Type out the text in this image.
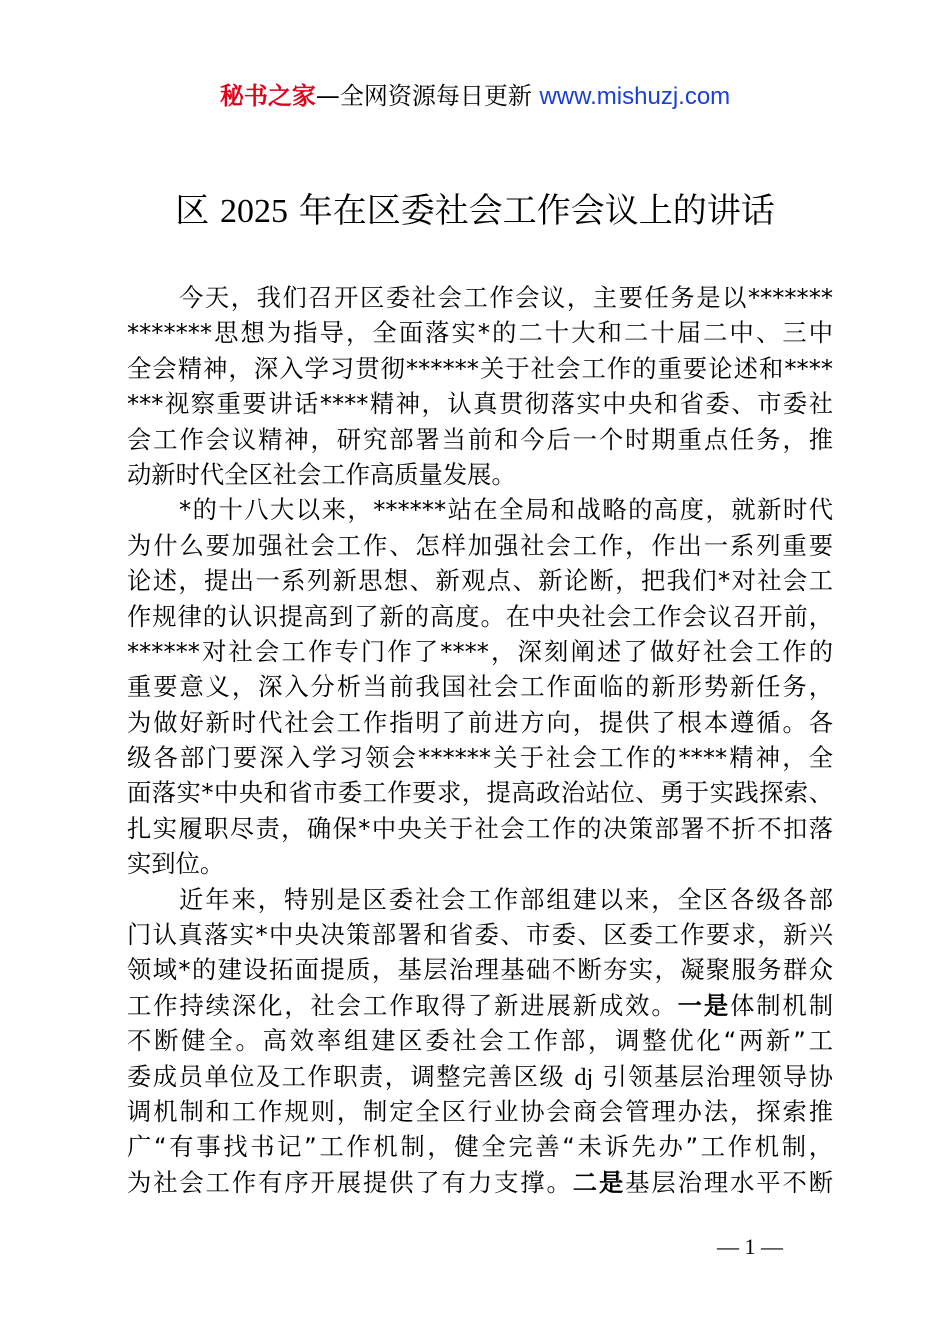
秘书之家—全网资源每日更新 www.mishuzj.com
区 2025 年在区委社会工作会议上的讲话
今天，我们召开区委社会工作会议，主要任务是以*******
*******思想为指导，全面落实*的二十大和二十届二中、三中
全会精神，深入学习贯彻******关于社会工作的重要论述和****
***视察重要讲话****精神，认真贯彻落实中央和省委、市委社
会工作会议精神，研究部署当前和今后一个时期重点任务，推
动新时代全区社会工作高质量发展。
*的十八大以来，******站在全局和战略的高度，就新时代
为什么要加强社会工作、怎样加强社会工作，作出一系列重要
论述，提出一系列新思想、新观点、新论断，把我们*对社会工
作规律的认识提高到了新的高度。在中央社会工作会议召开前，
******对社会工作专门作了****，深刻阐述了做好社会工作的
重要意义，深入分析当前我国社会工作面临的新形势新任务，
为做好新时代社会工作指明了前进方向，提供了根本遵循。各
级各部门要深入学习领会******关于社会工作的****精神，全
面落实*中央和省市委工作要求，提高政治站位、勇于实践探索、
扎实履职尽责，确保*中央关于社会工作的决策部署不折不扣落
实到位。
近年来，特别是区委社会工作部组建以来，全区各级各部
门认真落实*中央决策部署和省委、市委、区委工作要求，新兴
领域*的建设拓面提质，基层治理基础不断夯实，凝聚服务群众
工作持续深化，社会工作取得了新进展新成效。一是体制机制
不断健全。高效率组建区委社会工作部，调整优化“两新”工
委成员单位及工作职责，调整完善区级 dj 引领基层治理领导协
调机制和工作规则，制定全区行业协会商会管理办法，探索推
广“有事找书记”工作机制，健全完善“未诉先办”工作机制，
为社会工作有序开展提供了有力支撑。二是基层治理水平不断
— 1 —
